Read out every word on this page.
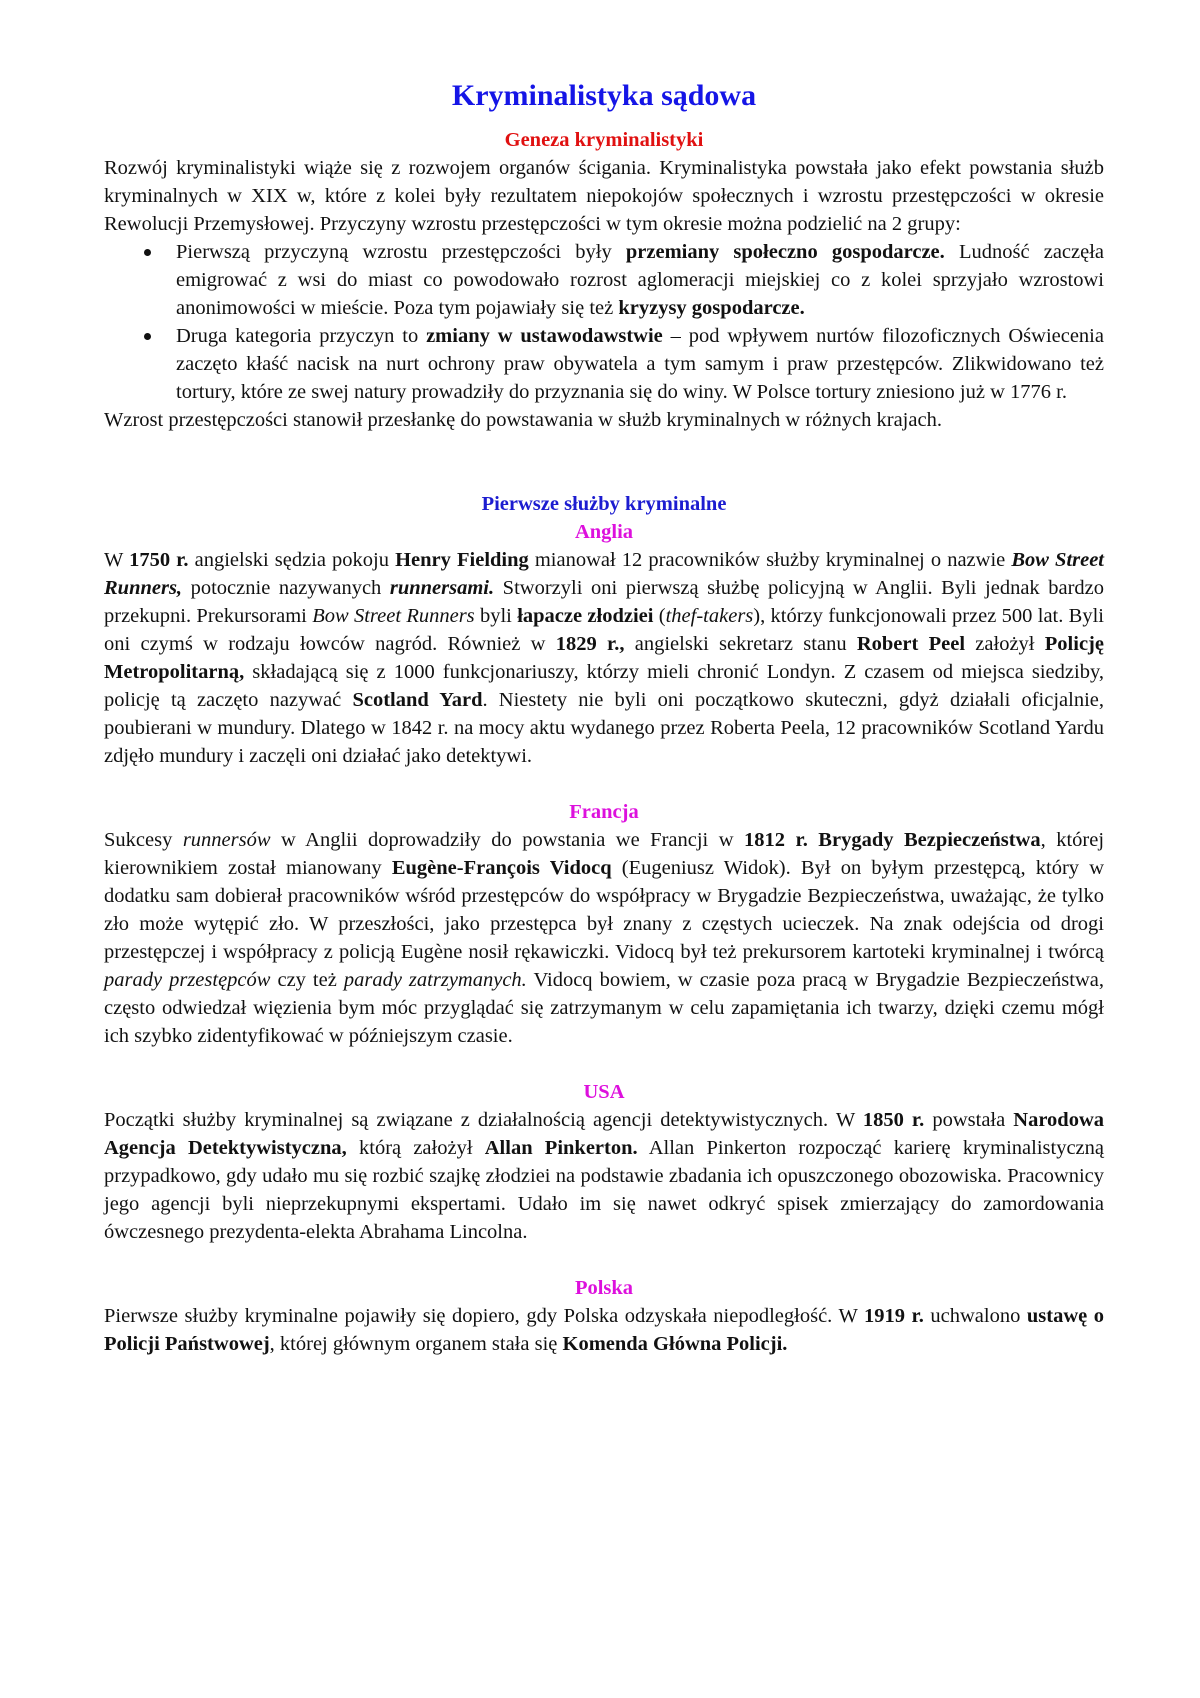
Kryminalistyka sądowa
Geneza kryminalistyki

Rozwój kryminalistyki wiąże się z rozwojem organów ścigania. Kryminalistyka powstała jako efekt powstania służb kryminalnych w XIX w, które z kolei były rezultatem niepokojów społecznych i wzrostu przestępczości w okresie Rewolucji Przemysłowej. Przyczyny wzrostu przestępczości w tym okresie można podzielić na 2 grupy:

Pierwszą przyczyną wzrostu przestępczości były przemiany społeczno gospodarcze. Ludność zaczęła emigrować z wsi do miast co powodowało rozrost aglomeracji miejskiej co z kolei sprzyjało wzrostowi anonimowości w mieście. Poza tym pojawiały się też kryzysy gospodarcze.
Druga kategoria przyczyn to zmiany w ustawodawstwie – pod wpływem nurtów filozoficznych Oświecenia zaczęto kłaść nacisk na nurt ochrony praw obywatela a tym samym i praw przestępców. Zlikwidowano też tortury, które ze swej natury prowadziły do przyznania się do winy. W Polsce tortury zniesiono już w 1776 r.

Wzrost przestępczości stanowił przesłankę do powstawania w służb kryminalnych w różnych krajach.

Pierwsze służby kryminalne
Anglia

W 1750 r. angielski sędzia pokoju Henry Fielding mianował 12 pracowników służby kryminalnej o nazwie Bow Street Runners, potocznie nazywanych runnersami. Stworzyli oni pierwszą służbę policyjną w Anglii. Byli jednak bardzo przekupni. Prekursorami Bow Street Runners byli łapacze złodziei (thef-takers), którzy funkcjonowali przez 500 lat. Byli oni czymś w rodzaju łowców nagród. Również w 1829 r., angielski sekretarz stanu Robert Peel założył Policję Metropolitarną, składającą się z 1000 funkcjonariuszy, którzy mieli chronić Londyn. Z czasem od miejsca siedziby, policję tą zaczęto nazywać Scotland Yard. Niestety nie byli oni początkowo skuteczni, gdyż działali oficjalnie, poubierani w mundury. Dlatego w 1842 r. na mocy aktu wydanego przez Roberta Peela, 12 pracowników Scotland Yardu zdjęło mundury i zaczęli oni działać jako detektywi.

Francja

Sukcesy runnersów w Anglii doprowadziły do powstania we Francji w 1812 r. Brygady Bezpieczeństwa, której kierownikiem został mianowany Eugène-François Vidocq (Eugeniusz Widok). Był on byłym przestępcą, który w dodatku sam dobierał pracowników wśród przestępców do współpracy w Brygadzie Bezpieczeństwa, uważając, że tylko zło może wytępić zło. W przeszłości, jako przestępca był znany z częstych ucieczek. Na znak odejścia od drogi przestępczej i współpracy z policją Eugène nosił rękawiczki. Vidocq był też prekursorem kartoteki kryminalnej i twórcą parady przestępców czy też parady zatrzymanych. Vidocq bowiem, w czasie poza pracą w Brygadzie Bezpieczeństwa, często odwiedzał więzienia bym móc przyglądać się zatrzymanym w celu zapamiętania ich twarzy, dzięki czemu mógł ich szybko zidentyfikować w późniejszym czasie.

USA

Początki służby kryminalnej są związane z działalnością agencji detektywistycznych. W 1850 r. powstała Narodowa Agencja Detektywistyczna, którą założył Allan Pinkerton. Allan Pinkerton rozpocząć karierę kryminalistyczną przypadkowo, gdy udało mu się rozbić szajkę złodziei na podstawie zbadania ich opuszczonego obozowiska. Pracownicy jego agencji byli nieprzekupnymi ekspertami. Udało im się nawet odkryć spisek zmierzający do zamordowania ówczesnego prezydenta-elekta Abrahama Lincolna.

Polska

Pierwsze służby kryminalne pojawiły się dopiero, gdy Polska odzyskała niepodległość. W 1919 r. uchwalono ustawę o Policji Państwowej, której głównym organem stała się Komenda Główna Policji.
